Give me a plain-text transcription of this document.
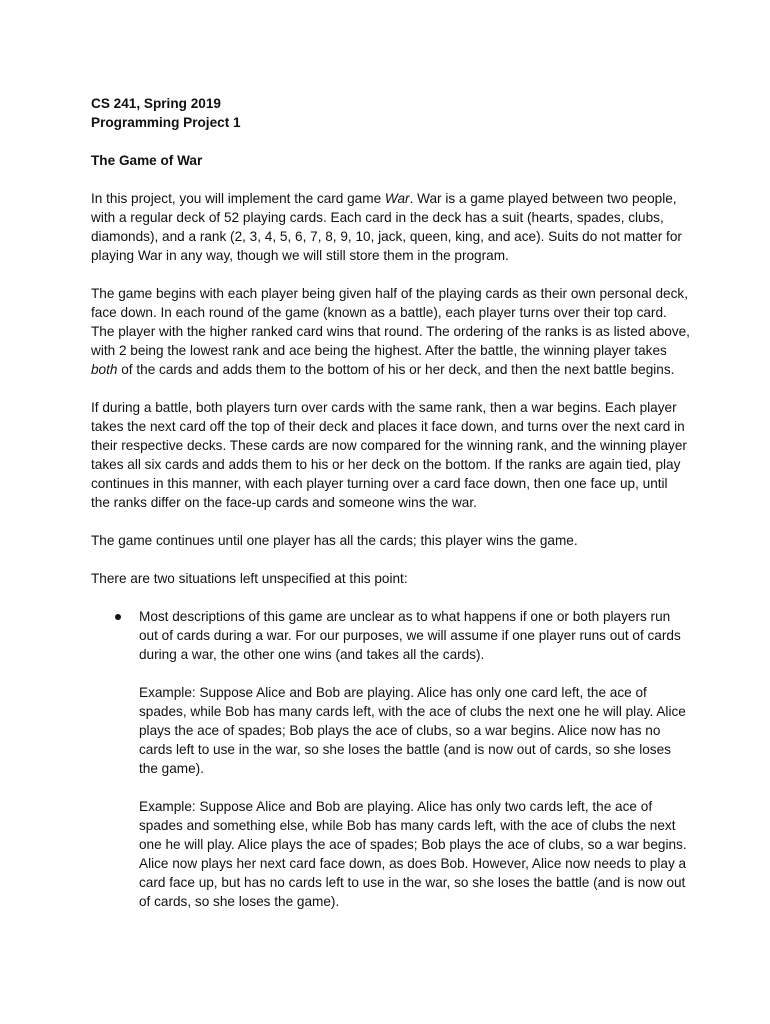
CS 241, Spring 2019

Programming Project 1

The Game of War

In this project, you will implement the card game War. War is a game played between two people, with a regular deck of 52 playing cards. Each card in the deck has a suit (hearts, spades, clubs, diamonds), and a rank (2, 3, 4, 5, 6, 7, 8, 9, 10, jack, queen, king, and ace). Suits do not matter for playing War in any way, though we will still store them in the program.

The game begins with each player being given half of the playing cards as their own personal deck, face down. In each round of the game (known as a battle), each player turns over their top card. The player with the higher ranked card wins that round. The ordering of the ranks is as listed above, with 2 being the lowest rank and ace being the highest. After the battle, the winning player takes both of the cards and adds them to the bottom of his or her deck, and then the next battle begins.

If during a battle, both players turn over cards with the same rank, then a war begins. Each player takes the next card off the top of their deck and places it face down, and turns over the next card in their respective decks. These cards are now compared for the winning rank, and the winning player takes all six cards and adds them to his or her deck on the bottom. If the ranks are again tied, play continues in this manner, with each player turning over a card face down, then one face up, until the ranks differ on the face-up cards and someone wins the war.

The game continues until one player has all the cards; this player wins the game.

There are two situations left unspecified at this point:

Most descriptions of this game are unclear as to what happens if one or both players run out of cards during a war. For our purposes, we will assume if one player runs out of cards during a war, the other one wins (and takes all the cards).

Example: Suppose Alice and Bob are playing. Alice has only one card left, the ace of spades, while Bob has many cards left, with the ace of clubs the next one he will play. Alice plays the ace of spades; Bob plays the ace of clubs, so a war begins. Alice now has no cards left to use in the war, so she loses the battle (and is now out of cards, so she loses the game).

Example: Suppose Alice and Bob are playing. Alice has only two cards left, the ace of spades and something else, while Bob has many cards left, with the ace of clubs the next one he will play. Alice plays the ace of spades; Bob plays the ace of clubs, so a war begins. Alice now plays her next card face down, as does Bob. However, Alice now needs to play a card face up, but has no cards left to use in the war, so she loses the battle (and is now out of cards, so she loses the game).
